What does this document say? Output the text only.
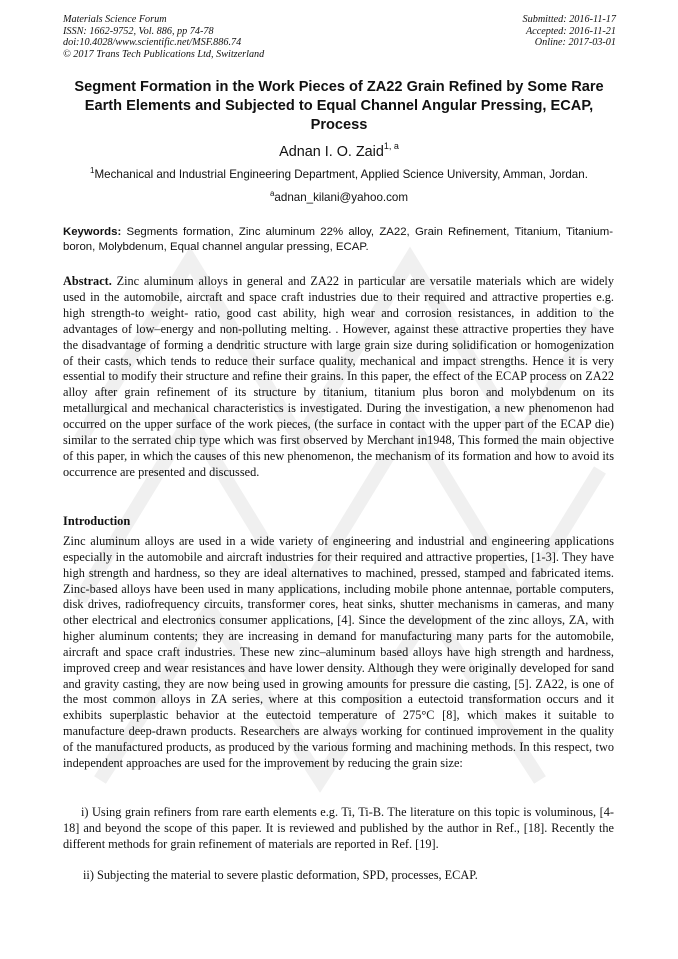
Materials Science Forum
ISSN: 1662-9752, Vol. 886, pp 74-78
doi:10.4028/www.scientific.net/MSF.886.74
© 2017 Trans Tech Publications Ltd, Switzerland
Submitted: 2016-11-17
Accepted: 2016-11-21
Online: 2017-03-01
Segment Formation in the Work Pieces of ZA22 Grain Refined by Some Rare Earth Elements and Subjected to Equal Channel Angular Pressing, ECAP, Process
Adnan I. O. Zaid$^{1, a}$
$^1$Mechanical and Industrial Engineering Department, Applied Science University, Amman, Jordan.
$^a$adnan_kilani@yahoo.com
Keywords: Segments formation, Zinc aluminum 22% alloy, ZA22, Grain Refinement, Titanium, Titanium-boron, Molybdenum, Equal channel angular pressing, ECAP.
Abstract. Zinc aluminum alloys in general and ZA22 in particular are versatile materials which are widely used in the automobile, aircraft and space craft industries due to their required and attractive properties e.g. high strength-to weight- ratio, good cast ability, high wear and corrosion resistances, in addition to the advantages of low–energy and non-polluting melting. . However, against these attractive properties they have the disadvantage of forming a dendritic structure with large grain size during solidification or homogenization of their casts, which tends to reduce their surface quality, mechanical and impact strengths. Hence it is very essential to modify their structure and refine their grains. In this paper, the effect of the ECAP process on ZA22 alloy after grain refinement of its structure by titanium, titanium plus boron and molybdenum on its metallurgical and mechanical characteristics is investigated. During the investigation, a new phenomenon had occurred on the upper surface of the work pieces, (the surface in contact with the upper part of the ECAP die) similar to the serrated chip type which was first observed by Merchant in1948, This formed the main objective of this paper, in which the causes of this new phenomenon, the mechanism of its formation and how to avoid its occurrence are presented and discussed.
Introduction

Zinc aluminum alloys are used in a wide variety of engineering and industrial and engineering applications especially in the automobile and aircraft industries for their required and attractive properties, [1-3]. They have high strength and hardness, so they are ideal alternatives to machined, pressed, stamped and fabricated items. Zinc-based alloys have been used in many applications, including mobile phone antennae, portable computers, disk drives, radiofrequency circuits, transformer cores, heat sinks, shutter mechanisms in cameras, and many other electrical and electronics consumer applications, [4]. Since the development of the zinc alloys, ZA, with higher aluminum contents; they are increasing in demand for manufacturing many parts for the automobile, aircraft and space craft industries. These new zinc–aluminum based alloys have high strength and hardness, improved creep and wear resistances and have lower density. Although they were originally developed for sand and gravity casting, they are now being used in growing amounts for pressure die casting, [5]. ZA22, is one of the most common alloys in ZA series, where at this composition a eutectoid transformation occurs and it exhibits superplastic behavior at the eutectoid temperature of 275°C [8], which makes it suitable to manufacture deep-drawn products. Researchers are always working for continued improvement in the quality of the manufactured products, as produced by the various forming and machining methods. In this respect, two independent approaches are used for the improvement by reducing the grain size:

i) Using grain refiners from rare earth elements e.g. Ti, Ti-B. The literature on this topic is voluminous, [4-18] and beyond the scope of this paper. It is reviewed and published by the author in Ref., [18]. Recently the different methods for grain refinement of materials are reported in Ref. [19].
ii) Subjecting the material to severe plastic deformation, SPD, processes, ECAP.
